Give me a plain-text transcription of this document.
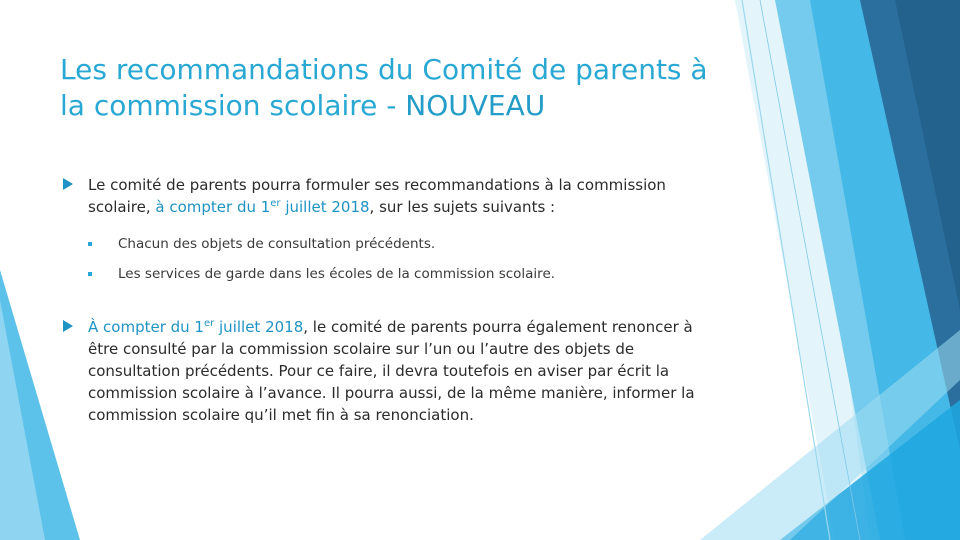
Les recommandations du Comité de parents à
la commission scolaire - NOUVEAU
Le comité de parents pourra formuler ses recommandations à la commission scolaire, à compter du 1er juillet 2018, sur les sujets suivants :
Chacun des objets de consultation précédents.
Les services de garde dans les écoles de la commission scolaire.
À compter du 1er juillet 2018, le comité de parents pourra également renoncer à être consulté par la commission scolaire sur l’un ou l’autre des objets de consultation précédents. Pour ce faire, il devra toutefois en aviser par écrit la commission scolaire à l’avance. Il pourra aussi, de la même manière, informer la commission scolaire qu’il met fin à sa renonciation.
